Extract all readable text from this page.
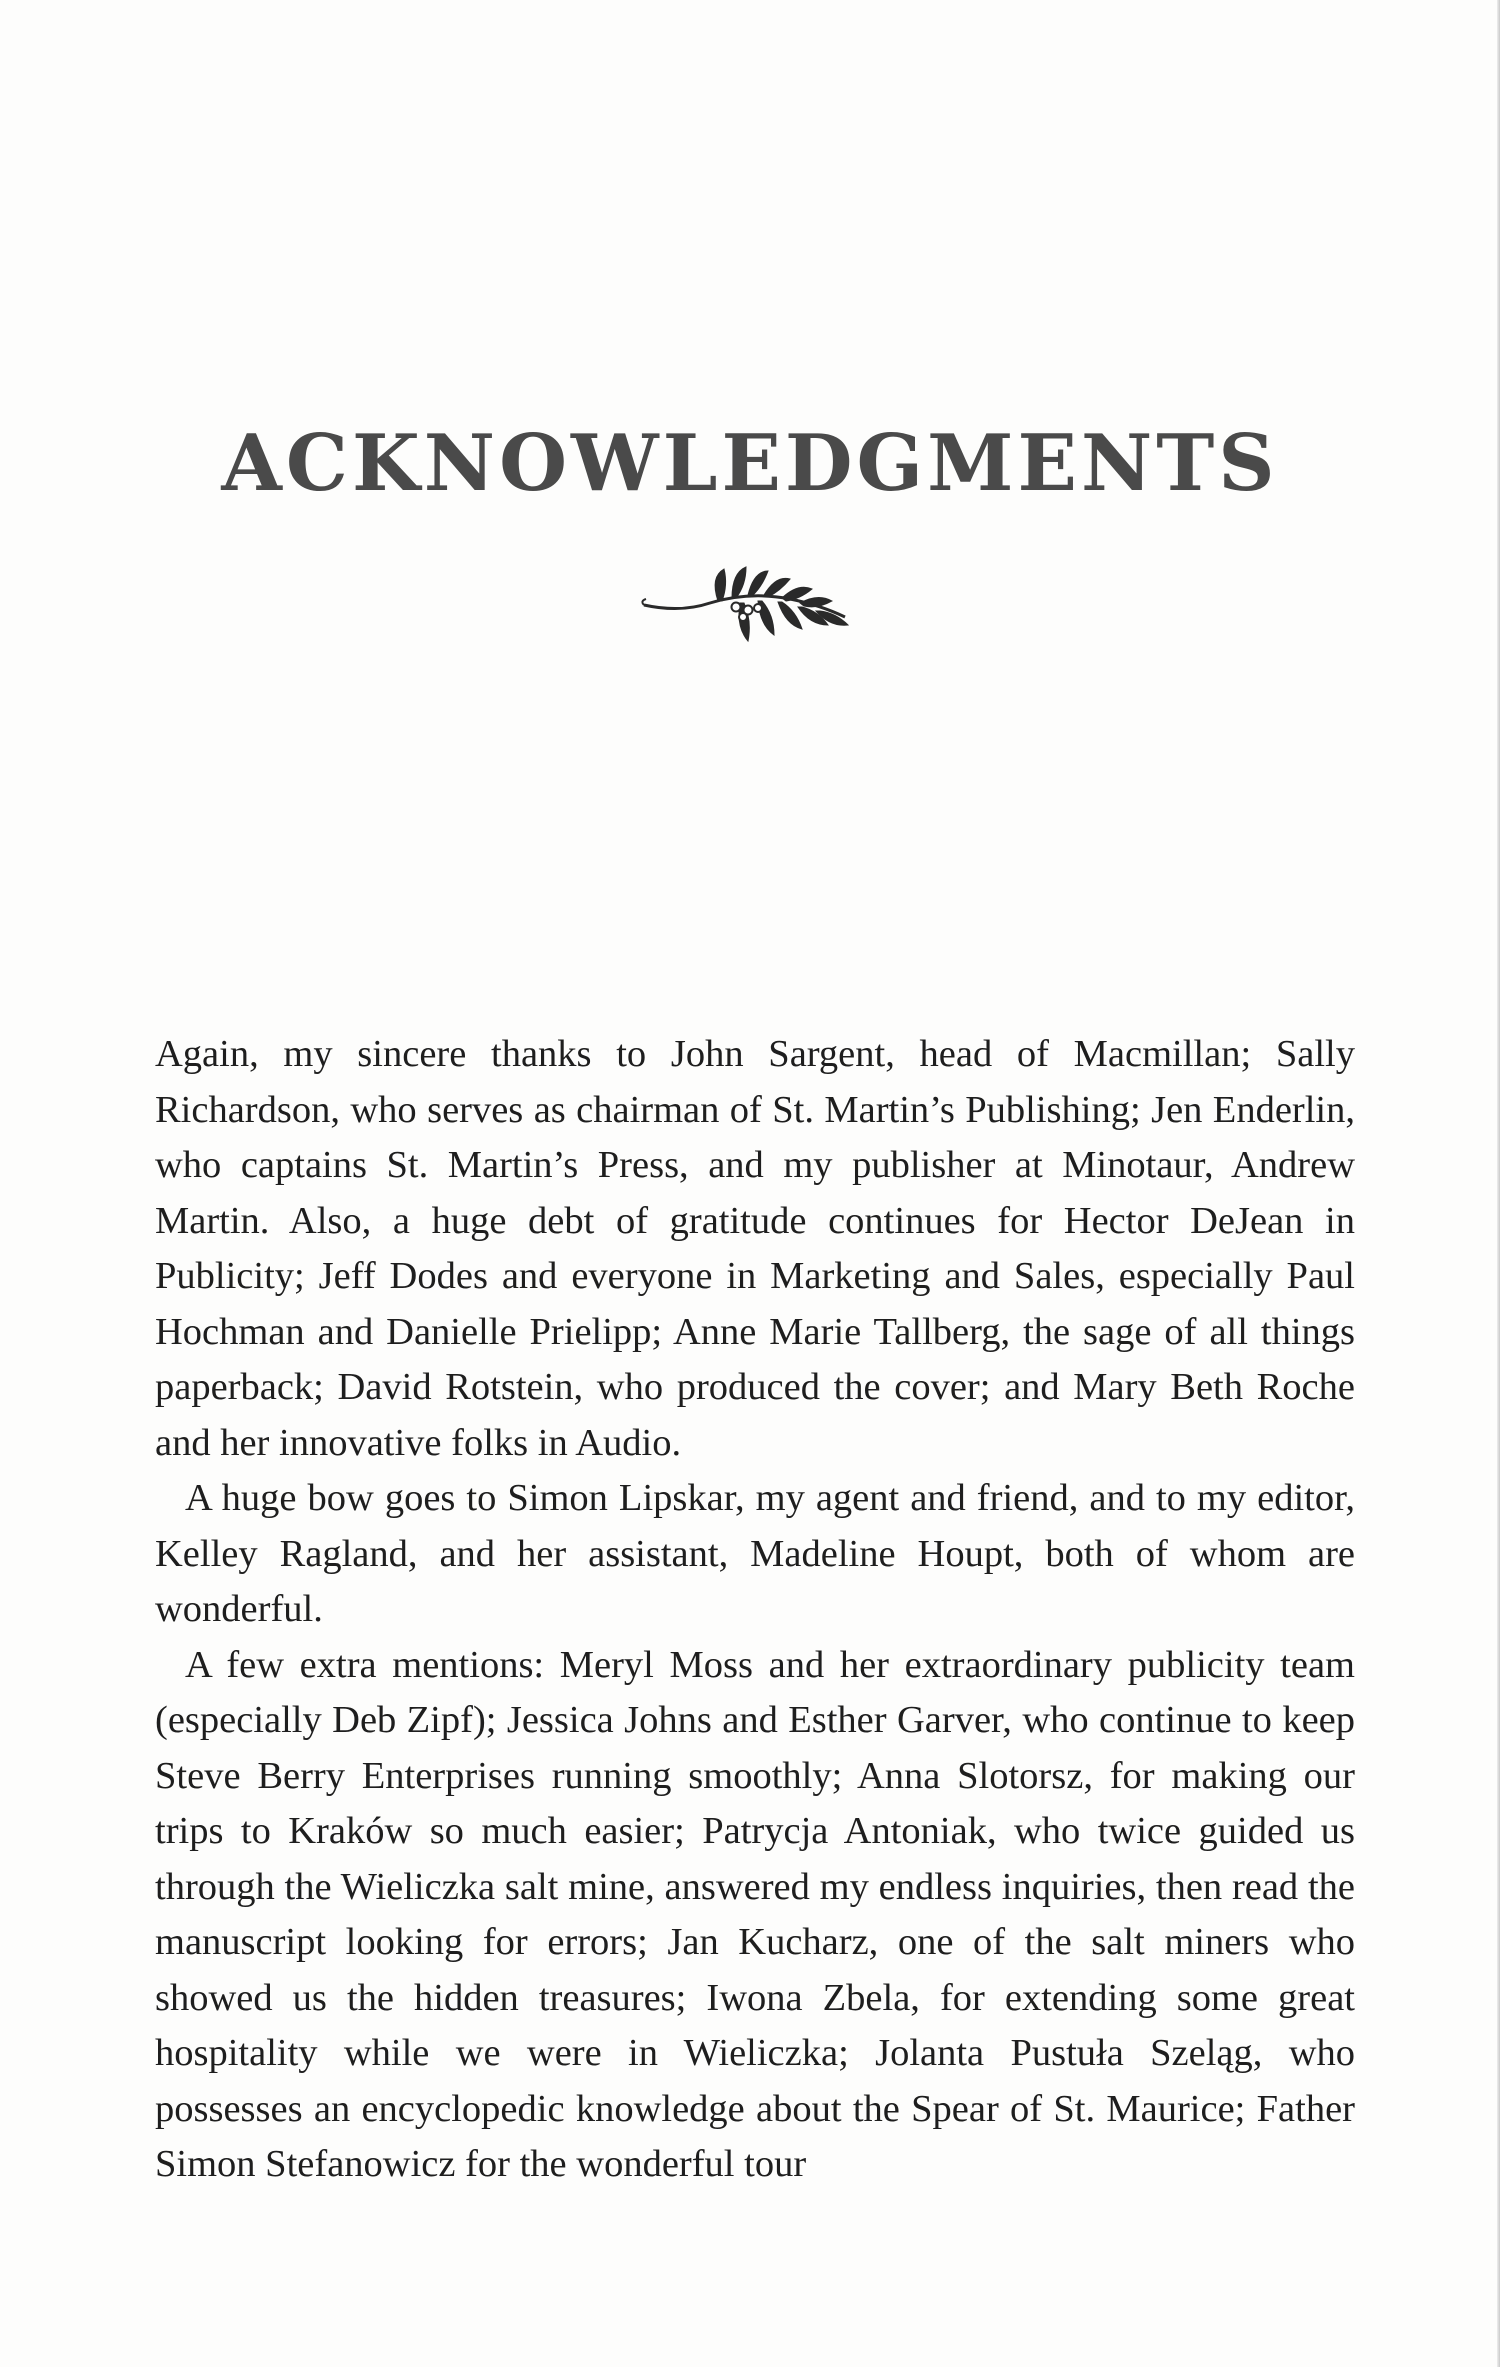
ACKNOWLEDGMENTS

Again, my sincere thanks to John Sargent, head of Macmillan; Sally Richardson, who serves as chairman of St. Martin’s Publishing; Jen Enderlin, who captains St. Martin’s Press, and my publisher at Minotaur, Andrew Martin. Also, a huge debt of gratitude continues for Hector DeJean in Publicity; Jeff Dodes and everyone in Marketing and Sales, especially Paul Hochman and Danielle Prielipp; Anne Marie Tallberg, the sage of all things paperback; David Rotstein, who produced the cover; and Mary Beth Roche and her innovative folks in Audio.

A huge bow goes to Simon Lipskar, my agent and friend, and to my editor, Kelley Ragland, and her assistant, Madeline Houpt, both of whom are wonderful.

A few extra mentions: Meryl Moss and her extraordinary publicity team (especially Deb Zipf); Jessica Johns and Esther Garver, who continue to keep Steve Berry Enterprises running smoothly; Anna Slotorsz, for making our trips to Kraków so much easier; Patrycja Antoniak, who twice guided us through the Wieliczka salt mine, answered my endless inquiries, then read the manuscript looking for errors; Jan Kucharz, one of the salt miners who showed us the hidden treasures; Iwona Zbela, for extending some great hospitality while we were in Wieliczka; Jolanta Pustuła Szeląg, who possesses an encyclopedic knowledge about the Spear of St. Maurice; Father Simon Stefanowicz for the wonderful tour
